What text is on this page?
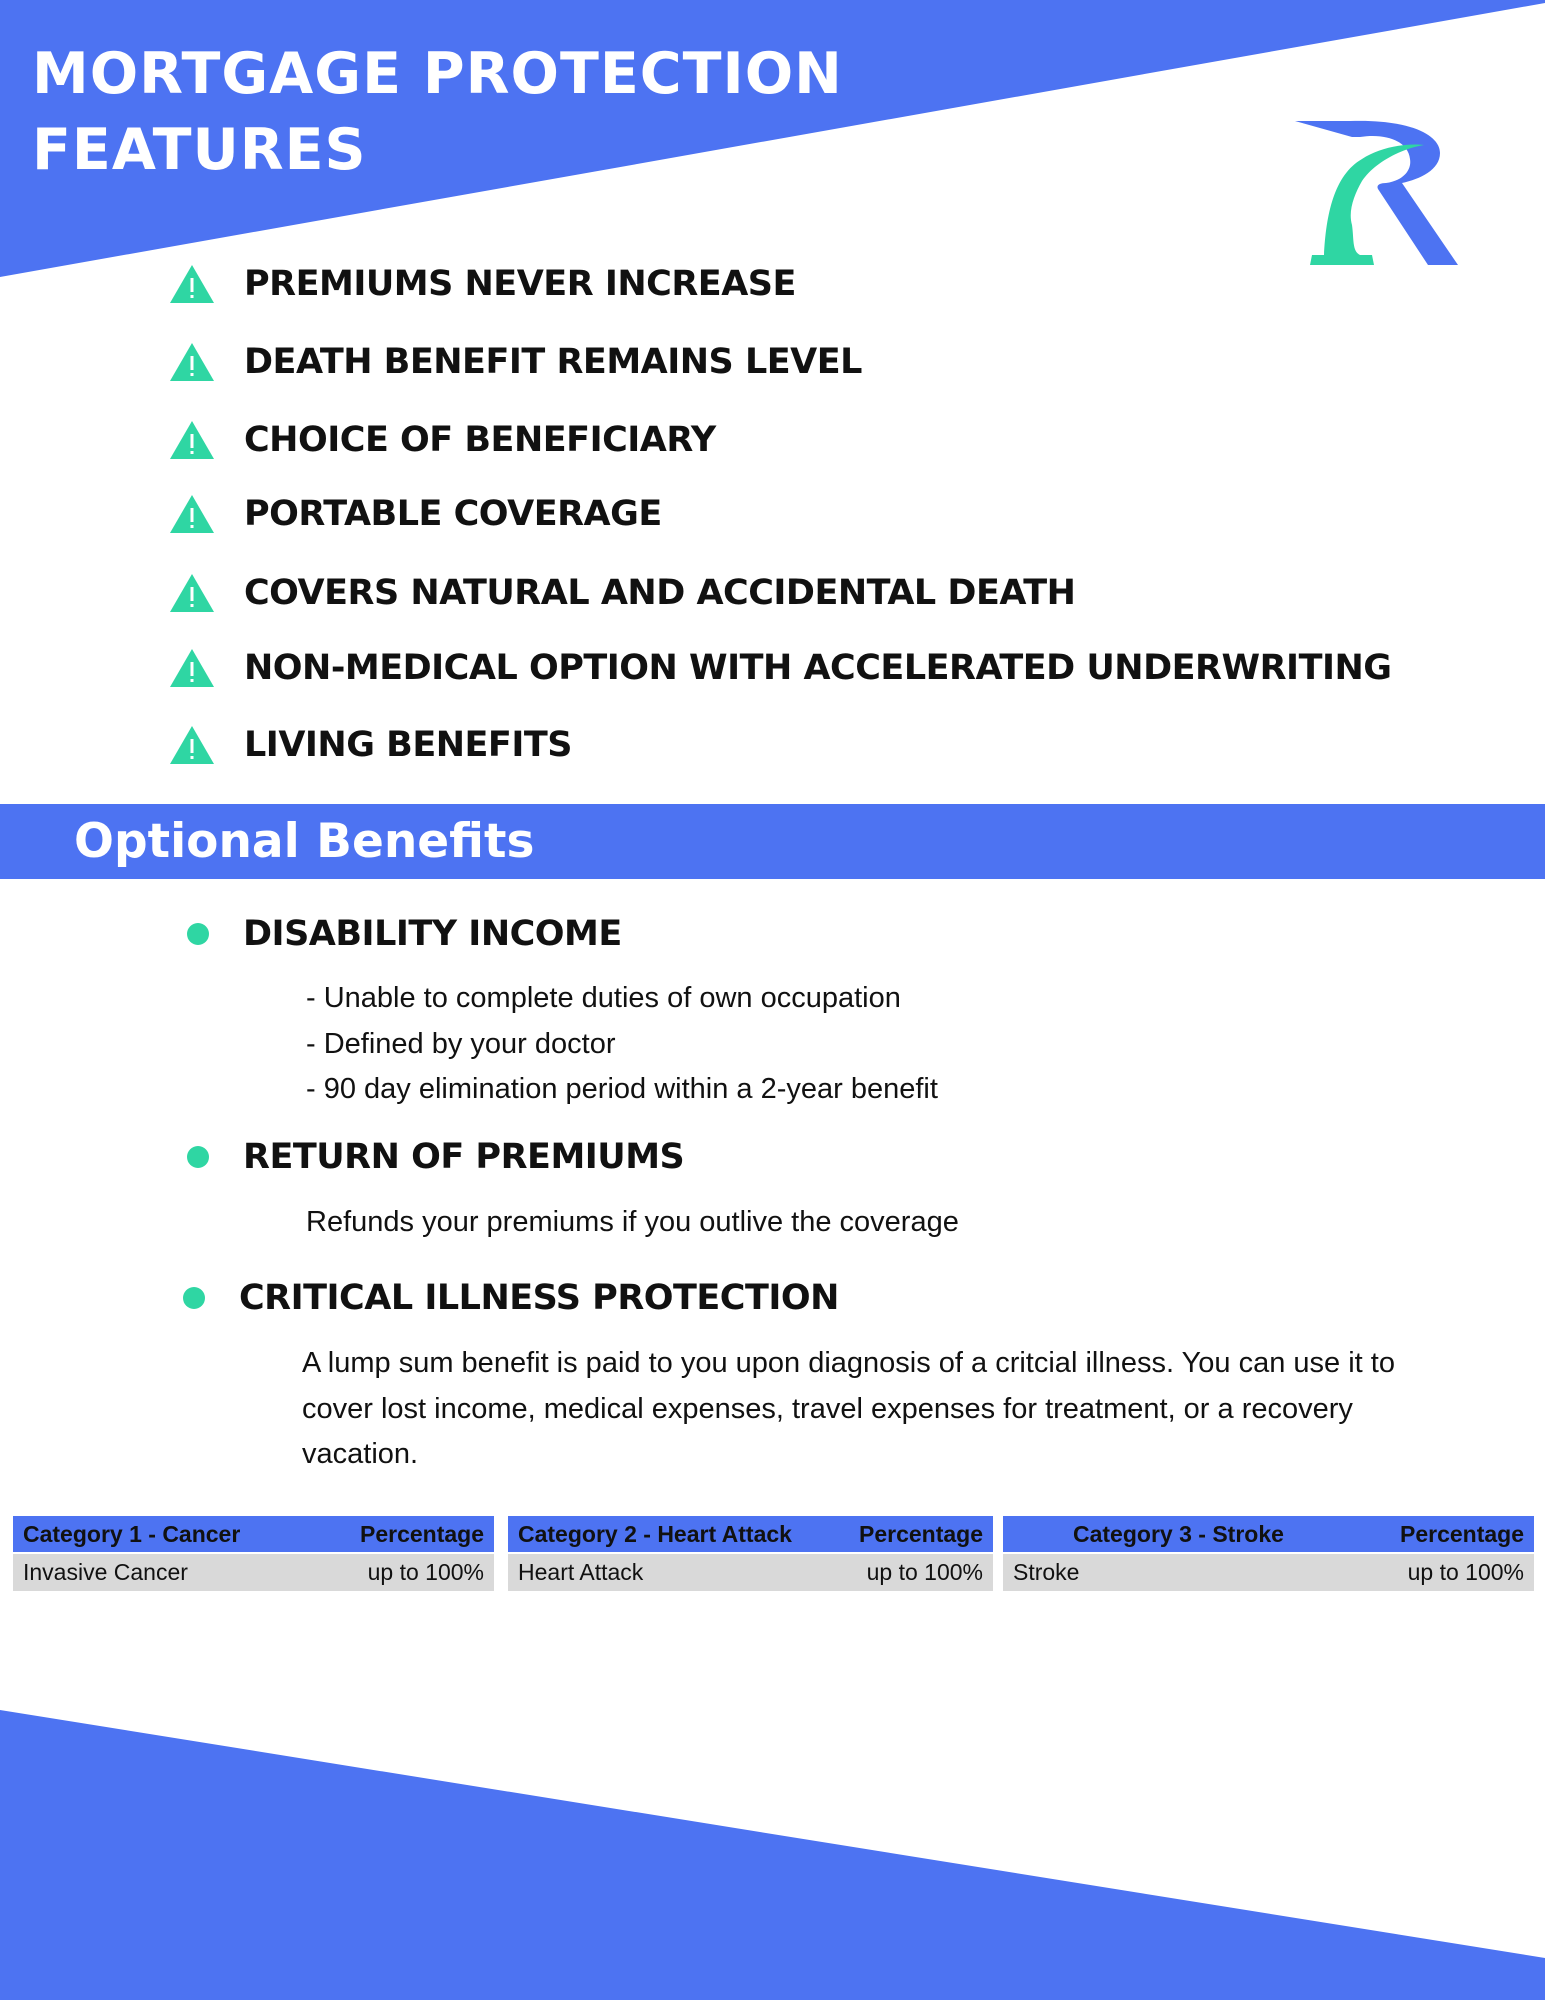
MORTGAGE PROTECTION
FEATURES
PREMIUMS NEVER INCREASE
DEATH BENEFIT REMAINS LEVEL
CHOICE OF BENEFICIARY
PORTABLE COVERAGE
COVERS NATURAL AND ACCIDENTAL DEATH
NON-MEDICAL OPTION WITH ACCELERATED UNDERWRITING
LIVING BENEFITS
Optional Benefits
DISABILITY INCOME
- Unable to complete duties of own occupation
- Defined by your doctor
- 90 day elimination period within a 2-year benefit
RETURN OF PREMIUMS
Refunds your premiums if you outlive the coverage
CRITICAL ILLNESS PROTECTION
A lump sum benefit is paid to you upon diagnosis of a critcial illness. You can use it to
cover lost income, medical expenses, travel expenses for treatment, or a recovery
vacation.
Category 1 - Cancer	Percentage
Invasive Cancer	up to 100%
Category 2 - Heart Attack	Percentage
Heart Attack	up to 100%
Category 3 - Stroke	Percentage
Stroke	up to 100%
